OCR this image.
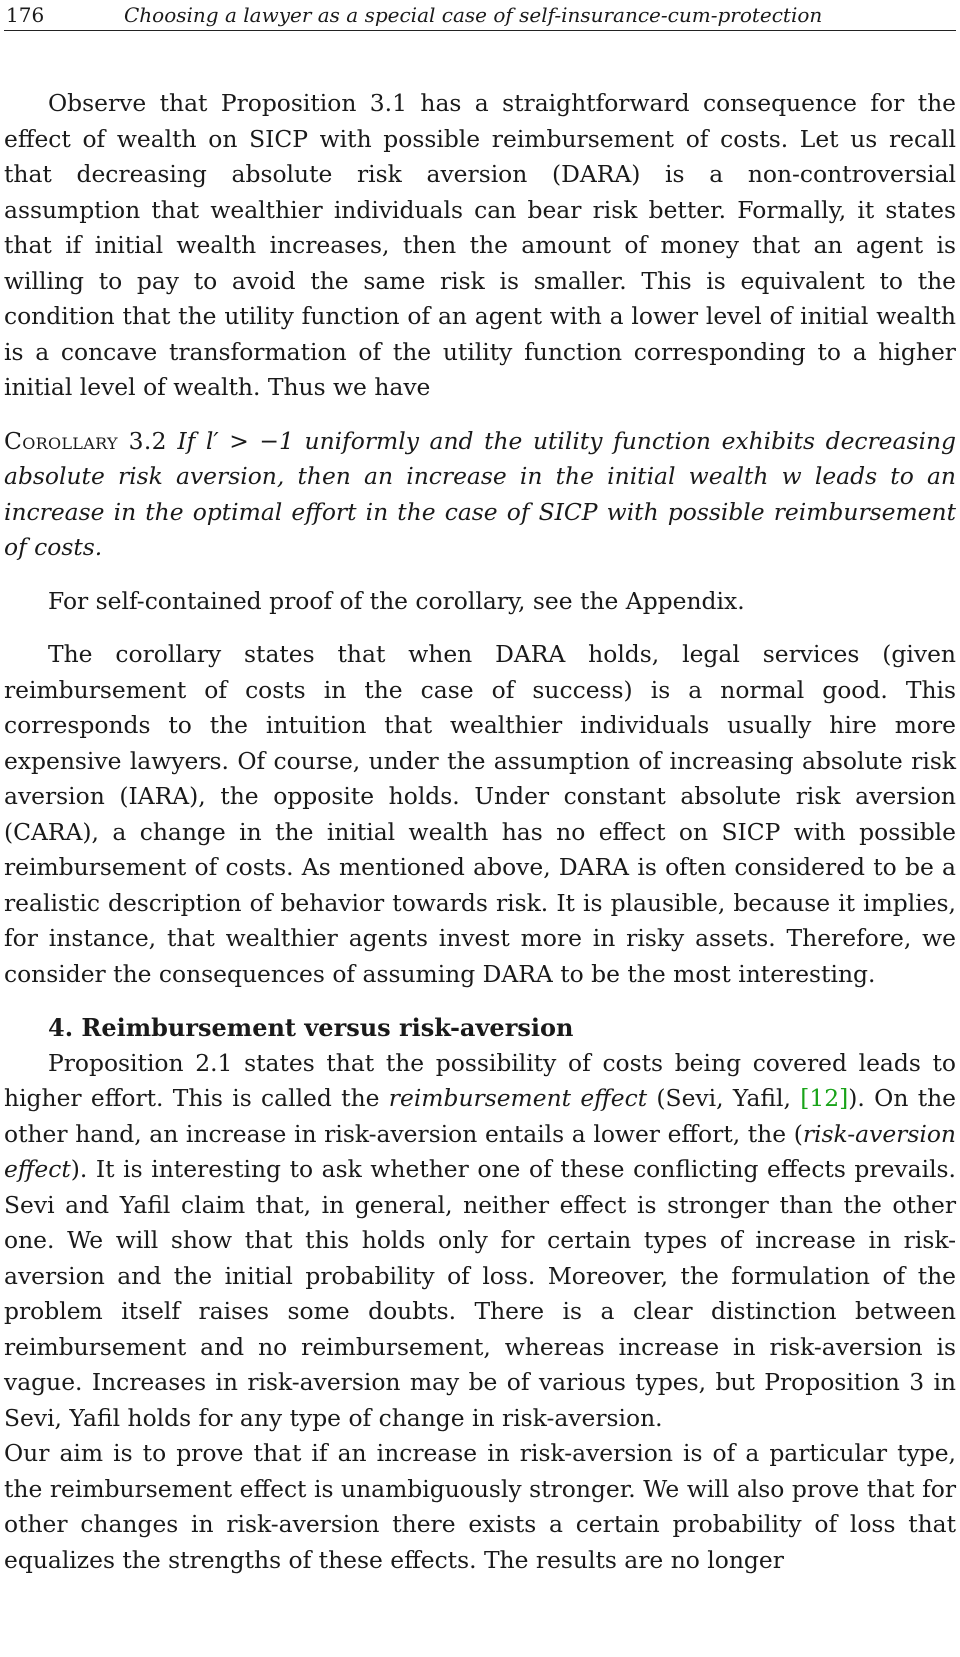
176	Choosing a lawyer as a special case of self-insurance-cum-protection

Observe that Proposition 3.1 has a straightforward consequence for the effect of wealth on SICP with possible reimbursement of costs. Let us recall that decreasing absolute risk aversion (DARA) is a non-controversial assumption that wealthier individuals can bear risk better. Formally, it states that if initial wealth increases, then the amount of money that an agent is willing to pay to avoid the same risk is smaller. This is equivalent to the condition that the utility function of an agent with a lower level of initial wealth is a concave transformation of the utility function corresponding to a higher initial level of wealth. Thus we have

Corollary 3.2 If l′ > −1 uniformly and the utility function exhibits decreasing absolute risk aversion, then an increase in the initial wealth w leads to an increase in the optimal effort in the case of SICP with possible reimbursement of costs.

For self-contained proof of the corollary, see the Appendix.

The corollary states that when DARA holds, legal services (given reimbursement of costs in the case of success) is a normal good. This corresponds to the intuition that wealthier individuals usually hire more expensive lawyers. Of course, under the assumption of increasing absolute risk aversion (IARA), the opposite holds. Under constant absolute risk aversion (CARA), a change in the initial wealth has no effect on SICP with possible reimbursement of costs. As mentioned above, DARA is often considered to be a realistic description of behavior towards risk. It is plausible, because it implies, for instance, that wealthier agents invest more in risky assets. Therefore, we consider the consequences of assuming DARA to be the most interesting.

4. Reimbursement versus risk-aversion

Proposition 2.1 states that the possibility of costs being covered leads to higher effort. This is called the reimbursement effect (Sevi, Yafil, [12]). On the other hand, an increase in risk-aversion entails a lower effort, the (risk-aversion effect). It is interesting to ask whether one of these conflicting effects prevails. Sevi and Yafil claim that, in general, neither effect is stronger than the other one. We will show that this holds only for certain types of increase in risk-aversion and the initial probability of loss. Moreover, the formulation of the problem itself raises some doubts. There is a clear distinction between reimbursement and no reimbursement, whereas increase in risk-aversion is vague. Increases in risk-aversion may be of various types, but Proposition 3 in Sevi, Yafil holds for any type of change in risk-aversion.

Our aim is to prove that if an increase in risk-aversion is of a particular type, the reimbursement effect is unambiguously stronger. We will also prove that for other changes in risk-aversion there exists a certain probability of loss that equalizes the strengths of these effects. The results are no longer
